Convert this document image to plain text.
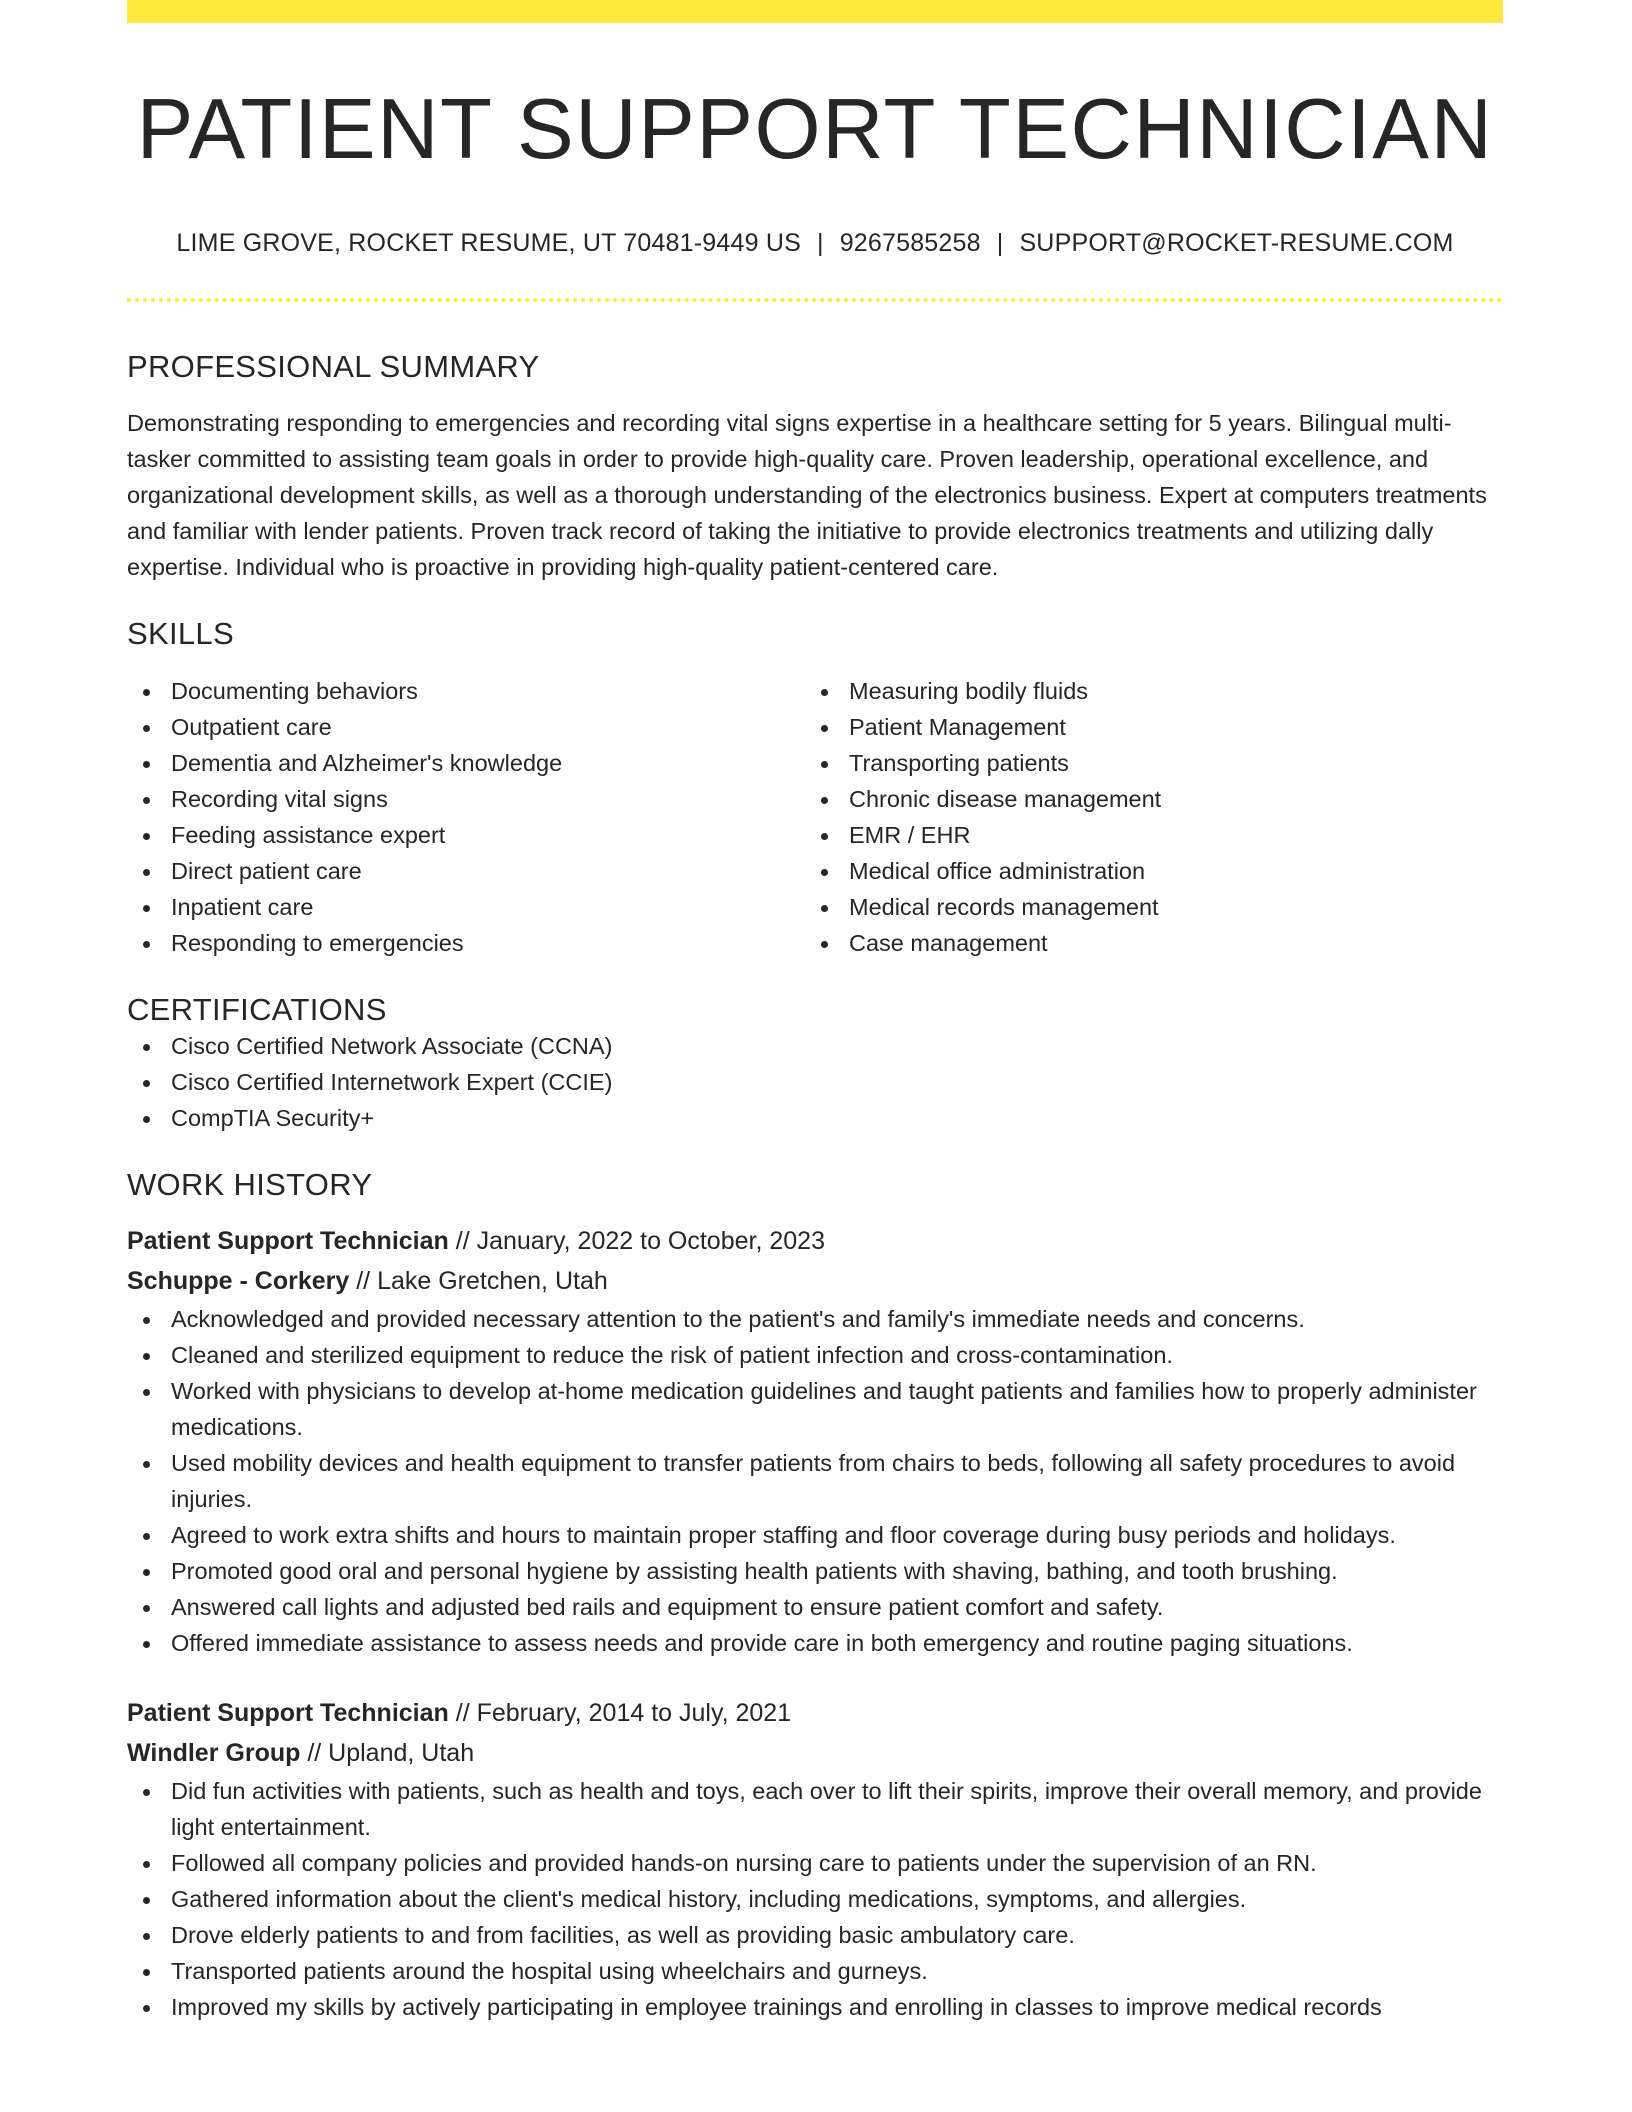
PATIENT SUPPORT TECHNICIAN
LIME GROVE, ROCKET RESUME, UT 70481-9449 US | 9267585258 | SUPPORT@ROCKET-RESUME.COM
PROFESSIONAL SUMMARY

Demonstrating responding to emergencies and recording vital signs expertise in a healthcare setting for 5 years. Bilingual multi-tasker committed to assisting team goals in order to provide high-quality care. Proven leadership, operational excellence, and organizational development skills, as well as a thorough understanding of the electronics business. Expert at computers treatments and familiar with lender patients. Proven track record of taking the initiative to provide electronics treatments and utilizing dally expertise. Individual who is proactive in providing high-quality patient-centered care.

SKILLS
Documenting behaviors
Outpatient care
Dementia and Alzheimer's knowledge
Recording vital signs
Feeding assistance expert
Direct patient care
Inpatient care
Responding to emergencies
Measuring bodily fluids
Patient Management
Transporting patients
Chronic disease management
EMR / EHR
Medical office administration
Medical records management
Case management
CERTIFICATIONS
Cisco Certified Network Associate (CCNA)
Cisco Certified Internetwork Expert (CCIE)
CompTIA Security+
WORK HISTORY
Patient Support Technician // January, 2022 to October, 2023
Schuppe - Corkery // Lake Gretchen, Utah
Acknowledged and provided necessary attention to the patient's and family's immediate needs and concerns.
Cleaned and sterilized equipment to reduce the risk of patient infection and cross-contamination.
Worked with physicians to develop at-home medication guidelines and taught patients and families how to properly administer medications.
Used mobility devices and health equipment to transfer patients from chairs to beds, following all safety procedures to avoid injuries.
Agreed to work extra shifts and hours to maintain proper staffing and floor coverage during busy periods and holidays.
Promoted good oral and personal hygiene by assisting health patients with shaving, bathing, and tooth brushing.
Answered call lights and adjusted bed rails and equipment to ensure patient comfort and safety.
Offered immediate assistance to assess needs and provide care in both emergency and routine paging situations.
Patient Support Technician // February, 2014 to July, 2021
Windler Group // Upland, Utah
Did fun activities with patients, such as health and toys, each over to lift their spirits, improve their overall memory, and provide light entertainment.
Followed all company policies and provided hands-on nursing care to patients under the supervision of an RN.
Gathered information about the client's medical history, including medications, symptoms, and allergies.
Drove elderly patients to and from facilities, as well as providing basic ambulatory care.
Transported patients around the hospital using wheelchairs and gurneys.
Improved my skills by actively participating in employee trainings and enrolling in classes to improve medical records
